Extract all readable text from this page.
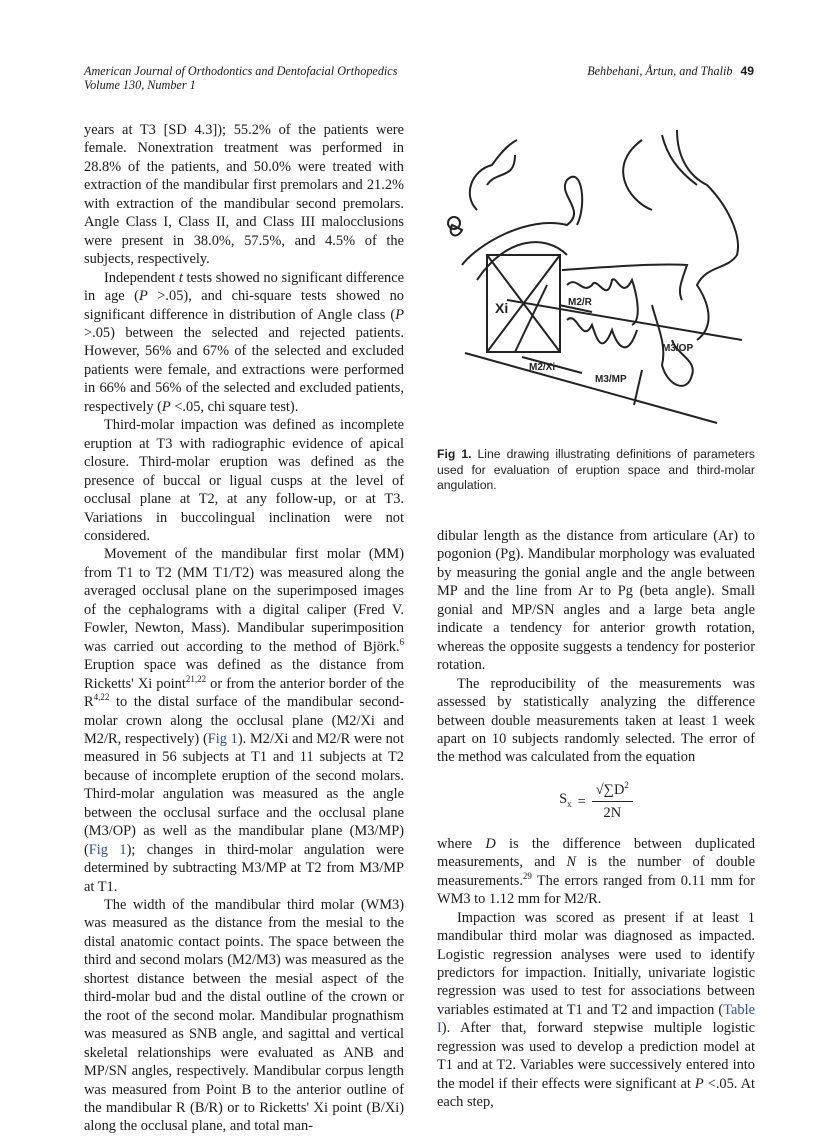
American Journal of Orthodontics and Dentofacial Orthopedics
Volume 130, Number 1
Behbehani, Årtun, and Thalib 49

years at T3 [SD 4.3]); 55.2% of the patients were female. Nonextration treatment was performed in 28.8% of the patients, and 50.0% were treated with extraction of the mandibular first premolars and 21.2% with extraction of the mandibular second premolars. Angle Class I, Class II, and Class III malocclusions were present in 38.0%, 57.5%, and 4.5% of the subjects, respectively.

Independent t tests showed no significant difference in age (P >.05), and chi-square tests showed no significant difference in distribution of Angle class (P >.05) between the selected and rejected patients. However, 56% and 67% of the selected and excluded patients were female, and extractions were performed in 66% and 56% of the selected and excluded patients, respectively (P <.05, chi square test).

Third-molar impaction was defined as incomplete eruption at T3 with radiographic evidence of apical closure. Third-molar eruption was defined as the presence of buccal or ligual cusps at the level of occlusal plane at T2, at any follow-up, or at T3. Variations in buccolingual inclination were not considered.

Movement of the mandibular first molar (MM) from T1 to T2 (MM T1/T2) was measured along the averaged occlusal plane on the superimposed images of the cephalograms with a digital caliper (Fred V. Fowler, Newton, Mass). Mandibular superimposition was carried out according to the method of Björk.$^6$ Eruption space was defined as the distance from Ricketts' Xi point$^{21,22}$ or from the anterior border of the R$^{4,22}$ to the distal surface of the mandibular second-molar crown along the occlusal plane (M2/Xi and M2/R, respectively) (Fig 1). M2/Xi and M2/R were not measured in 56 subjects at T1 and 11 subjects at T2 because of incomplete eruption of the second molars. Third-molar angulation was measured as the angle between the occlusal surface and the occlusal plane (M3/OP) as well as the mandibular plane (M3/MP) (Fig 1); changes in third-molar angulation were determined by subtracting M3/MP at T2 from M3/MP at T1.

The width of the mandibular third molar (WM3) was measured as the distance from the mesial to the distal anatomic contact points. The space between the third and second molars (M2/M3) was measured as the shortest distance between the mesial aspect of the third-molar bud and the distal outline of the crown or the root of the second molar. Mandibular prognathism was measured as SNB angle, and sagittal and vertical skeletal relationships were evaluated as ANB and MP/SN angles, respectively. Mandibular corpus length was measured from Point B to the anterior outline of the mandibular R (B/R) or to Ricketts' Xi point (B/Xi) along the occlusal plane, and total man-

Xi	M2/R
M2/Xi
M3/OP
M3/MP
Fig 1. Line drawing illustrating definitions of parameters used for evaluation of eruption space and third-molar angulation.

dibular length as the distance from articulare (Ar) to pogonion (Pg). Mandibular morphology was evaluated by measuring the gonial angle and the angle between MP and the line from Ar to Pg (beta angle). Small gonial and MP/SN angles and a large beta angle indicate a tendency for anterior growth rotation, whereas the opposite suggests a tendency for posterior rotation.

The reproducibility of the measurements was assessed by statistically analyzing the difference between double measurements taken at least 1 week apart on 10 subjects randomly selected. The error of the method was calculated from the equation

$S_x = \frac{√\sum D^2}{2N}$

where D is the difference between duplicated measurements, and N is the number of double measurements.$^{29}$ The errors ranged from 0.11 mm for WM3 to 1.12 mm for M2/R.

Impaction was scored as present if at least 1 mandibular third molar was diagnosed as impacted. Logistic regression analyses were used to identify predictors for impaction. Initially, univariate logistic regression was used to test for associations between variables estimated at T1 and T2 and impaction (Table I). After that, forward stepwise multiple logistic regression was used to develop a prediction model at T1 and at T2. Variables were successively entered into the model if their effects were significant at P <.05. At each step,
